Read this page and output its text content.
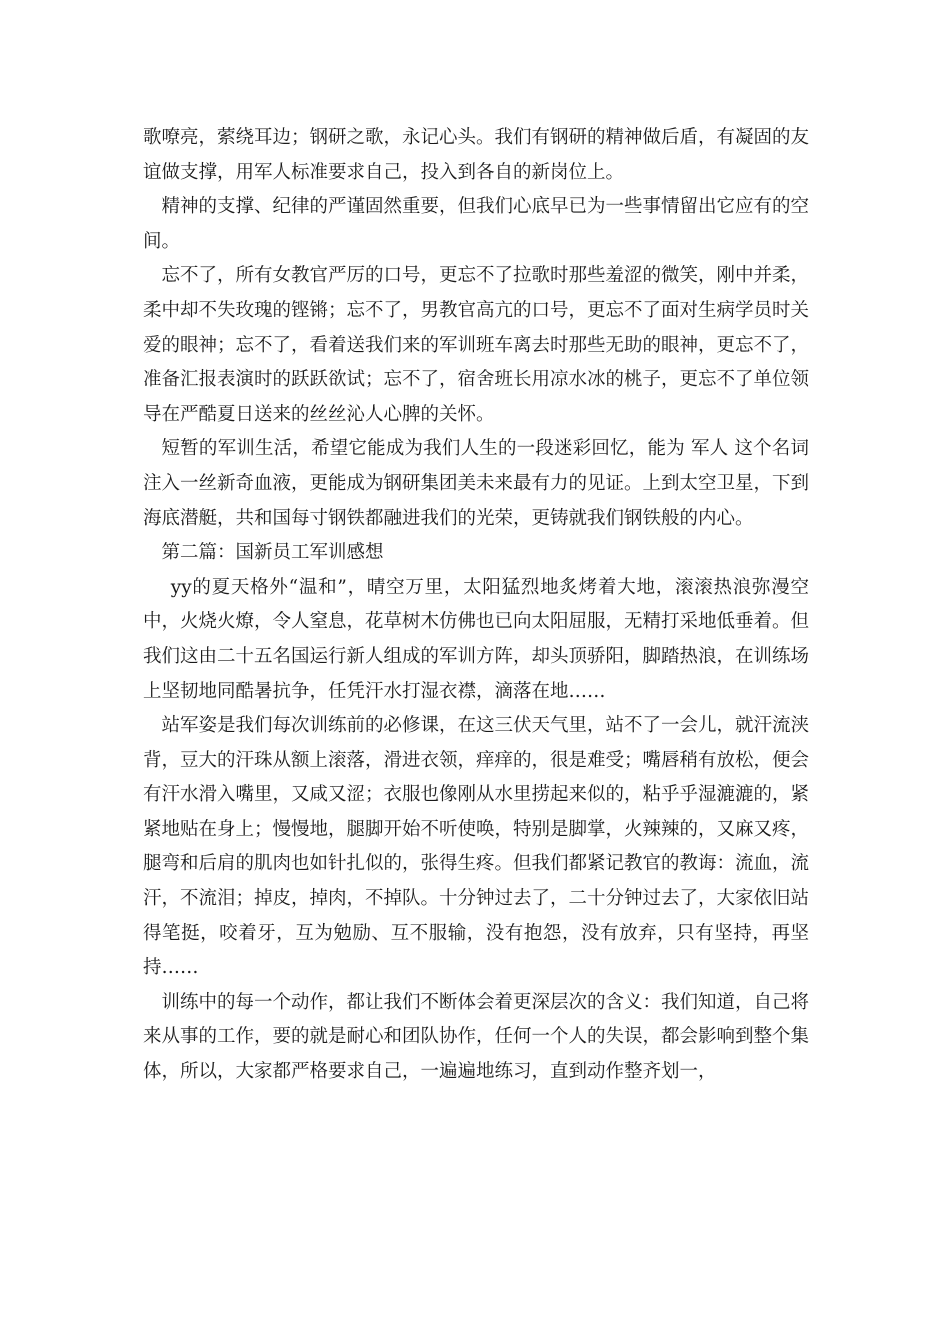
歌嘹亮，萦绕耳边；钢研之歌，永记心头。我们有钢研的精神做后盾，有凝固的友谊做支撑，用军人标准要求自己，投入到各自的新岗位上。

精神的支撑、纪律的严谨固然重要，但我们心底早已为一些事情留出它应有的空间。

忘不了，所有女教官严厉的口号，更忘不了拉歌时那些羞涩的微笑，刚中并柔，柔中却不失玫瑰的铿锵；忘不了，男教官高亢的口号，更忘不了面对生病学员时关爱的眼神；忘不了，看着送我们来的军训班车离去时那些无助的眼神，更忘不了，准备汇报表演时的跃跃欲试；忘不了，宿舍班长用凉水冰的桃子，更忘不了单位领导在严酷夏日送来的丝丝沁人心脾的关怀。

短暂的军训生活，希望它能成为我们人生的一段迷彩回忆，能为 军人 这个名词注入一丝新奇血液，更能成为钢研集团美未来最有力的见证。上到太空卫星，下到海底潜艇，共和国每寸钢铁都融进我们的光荣，更铸就我们钢铁般的内心。

第二篇：国新员工军训感想

yy的夏天格外“温和”，晴空万里，太阳猛烈地炙烤着大地，滚滚热浪弥漫空中，火烧火燎，令人窒息，花草树木仿佛也已向太阳屈服，无精打采地低垂着。但我们这由二十五名国运行新人组成的军训方阵，却头顶骄阳，脚踏热浪，在训练场上坚韧地同酷暑抗争，任凭汗水打湿衣襟，滴落在地……

站军姿是我们每次训练前的必修课，在这三伏天气里，站不了一会儿，就汗流浃背，豆大的汗珠从额上滚落，滑进衣领，痒痒的，很是难受；嘴唇稍有放松，便会有汗水滑入嘴里，又咸又涩；衣服也像刚从水里捞起来似的，粘乎乎湿漉漉的，紧紧地贴在身上；慢慢地，腿脚开始不听使唤，特别是脚掌，火辣辣的，又麻又疼，腿弯和后肩的肌肉也如针扎似的，张得生疼。但我们都紧记教官的教诲：流血，流汗，不流泪；掉皮，掉肉，不掉队。十分钟过去了，二十分钟过去了，大家依旧站得笔挺，咬着牙，互为勉励、互不服输，没有抱怨，没有放弃，只有坚持，再坚持……

训练中的每一个动作，都让我们不断体会着更深层次的含义：我们知道，自己将来从事的工作，要的就是耐心和团队协作，任何一个人的失误，都会影响到整个集体，所以，大家都严格要求自己，一遍遍地练习，直到动作整齐划一，
